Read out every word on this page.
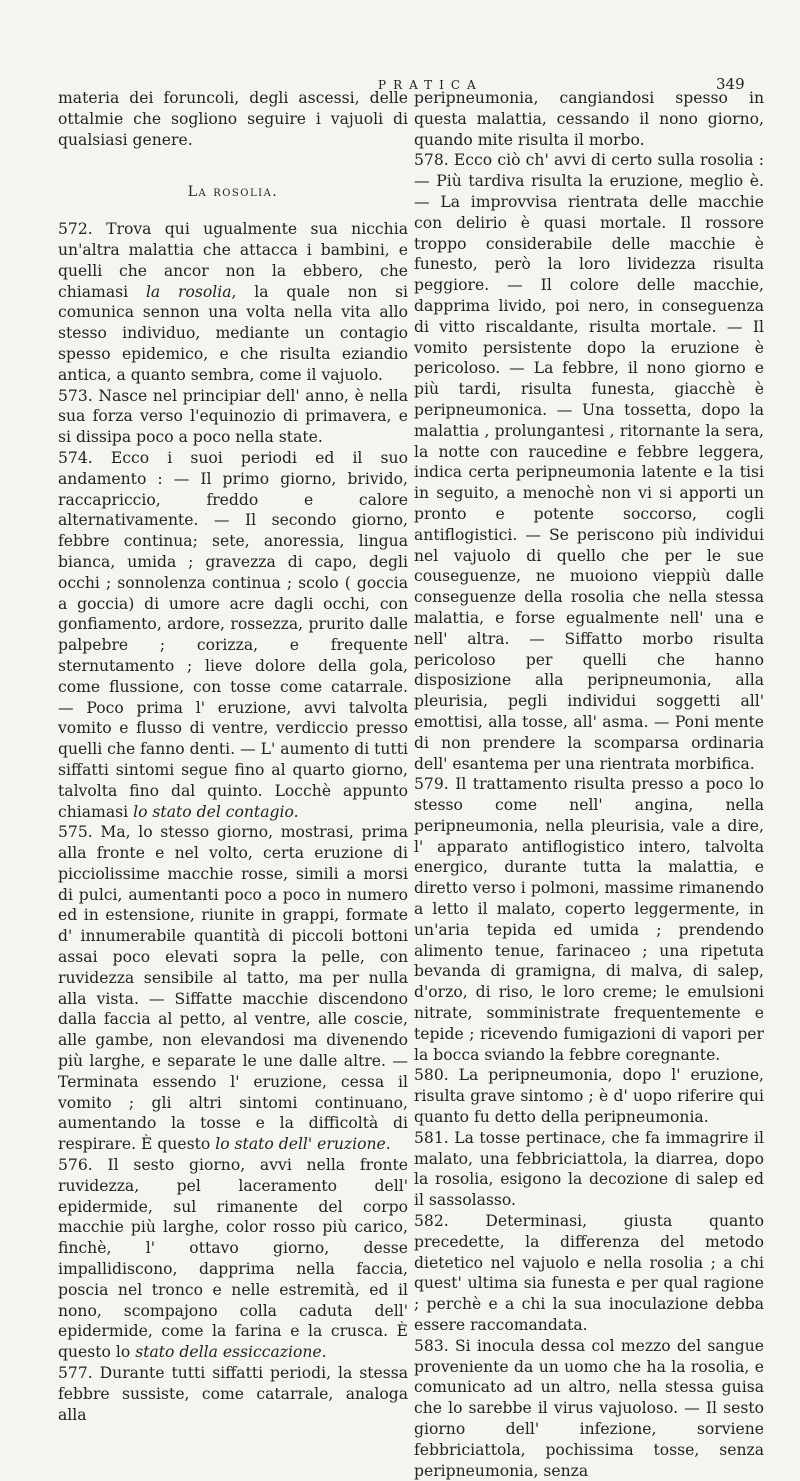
PRATICA	349

materia dei foruncoli, degli ascessi, delle ottalmie che sogliono seguire i vajuoli di qualsiasi genere.

La rosolia.

572. Trova qui ugualmente sua nicchia un'altra malattia che attacca i bambini, e quelli che ancor non la ebbero, che chiamasi la rosolia, la quale non si comunica sennon una volta nella vita allo stesso individuo, mediante un contagio spesso epidemico, e che risulta eziandio antica, a quanto sembra, come il vajuolo.

573. Nasce nel principiar dell' anno, è nella sua forza verso l'equinozio di primavera, e si dissipa poco a poco nella state.

574. Ecco i suoi periodi ed il suo andamento : — Il primo giorno, brivido, raccapriccio, freddo e calore alternativamente. — Il secondo giorno, febbre continua; sete, anoressia, lingua bianca, umida ; gravezza di capo, degli occhi ; sonnolenza continua ; scolo ( goccia a goccia) di umore acre dagli occhi, con gonfiamento, ardore, rossezza, prurito dalle palpebre ; corizza, e frequente sternutamento ; lieve dolore della gola, come flussione, con tosse come catarrale. — Poco prima l' eruzione, avvi talvolta vomito e flusso di ventre, verdiccio presso quelli che fanno denti. — L' aumento di tutti siffatti sintomi segue fino al quarto giorno, talvolta fino dal quinto. Locchè appunto chiamasi lo stato del contagio.

575. Ma, lo stesso giorno, mostrasi, prima alla fronte e nel volto, certa eruzione di picciolissime macchie rosse, simili a morsi di pulci, aumentanti poco a poco in numero ed in estensione, riunite in grappi, formate d' innumerabile quantità di piccoli bottoni assai poco elevati sopra la pelle, con ruvidezza sensibile al tatto, ma per nulla alla vista. — Siffatte macchie discendono dalla faccia al petto, al ventre, alle coscie, alle gambe, non elevandosi ma divenendo più larghe, e separate le une dalle altre. — Terminata essendo l' eruzione, cessa il vomito ; gli altri sintomi continuano, aumentando la tosse e la difficoltà di respirare. È questo lo stato dell' eruzione.

576. Il sesto giorno, avvi nella fronte ruvidezza, pel laceramento dell' epidermide, sul rimanente del corpo macchie più larghe, color rosso più carico, finchè, l' ottavo giorno, desse impallidiscono, dapprima nella faccia, poscia nel tronco e nelle estremità, ed il nono, scompajono colla caduta dell' epidermide, come la farina e la crusca. È questo lo stato della essiccazione.

577. Durante tutti siffatti periodi, la stessa febbre sussiste, come catarrale, analoga alla

peripneumonia, cangiandosi spesso in questa malattia, cessando il nono giorno, quando mite risulta il morbo.

578. Ecco ciò ch' avvi di certo sulla rosolia : — Più tardiva risulta la eruzione, meglio è. — La improvvisa rientrata delle macchie con delirio è quasi mortale. Il rossore troppo considerabile delle macchie è funesto, però la loro lividezza risulta peggiore. — Il colore delle macchie, dapprima livido, poi nero, in conseguenza di vitto riscaldante, risulta mortale. — Il vomito persistente dopo la eruzione è pericoloso. — La febbre, il nono giorno e più tardi, risulta funesta, giacchè è peripneumonica. — Una tossetta, dopo la malattia , prolungantesi , ritornante la sera, la notte con raucedine e febbre leggera, indica certa peripneumonia latente e la tisi in seguito, a menochè non vi si apporti un pronto e potente soccorso, cogli antiflogistici. — Se perisconо più individui nel vajuolo di quello che per le sue couseguenze, ne muoiono vieppiù dalle conseguenze della rosolia che nella stessa malattia, e forse egualmente nell' una e nell' altra. — Siffatto morbo risulta pericoloso per quelli che hanno disposizione alla peripneumonia, alla pleurisia, pegli individui soggetti all' emottisi, alla tosse, all' asma. — Poni mente di non prendere la scomparsa ordinaria dell' esantema per una rientrata morbifica.

579. Il trattamento risulta presso a poco lo stesso come nell' angina, nella peripneumonia, nella pleurisia, vale a dire, l' apparato antiflogistico intero, talvolta energico, durante tutta la malattia, e diretto verso i polmoni, massime rimanendo a letto il malato, coperto leggermente, in un'aria tepida ed umida ; prendendo alimento tenue, farinaceo ; una ripetuta bevanda di gramigna, di malva, di salep, d'orzo, di riso, le loro creme; le emulsioni nitrate, somministrate frequentemente e tepide ; ricevendo fumigazioni di vapori per la bocca sviando la febbre coregnante.

580. La peripneumonia, dopo l' eruzione, risulta grave sintomo ; è d' uopo riferire qui quanto fu detto della peripneumonia.

581. La tosse pertinace, che fa immagrire il malato, una febbriciattola, la diarrea, dopo la rosolia, esigono la decozione di salep ed il sassolasso.

582. Determinasi, giusta quanto precedette, la differenza del metodo dietetico nel vajuolo e nella rosolia ; a chi quest' ultima sia funesta e per qual ragione ; perchè e a chi la sua inoculazione debba essere raccomandata.

583. Si inocula dessa col mezzo del sangue proveniente da un uomo che ha la rosolia, e comunicato ad un altro, nella stessa guisa che lo sarebbe il virus vajuoloso. — Il sesto giorno dell' infezione, sorviene febbriciattola, pochissima tosse, senza peripneumonia, senza
